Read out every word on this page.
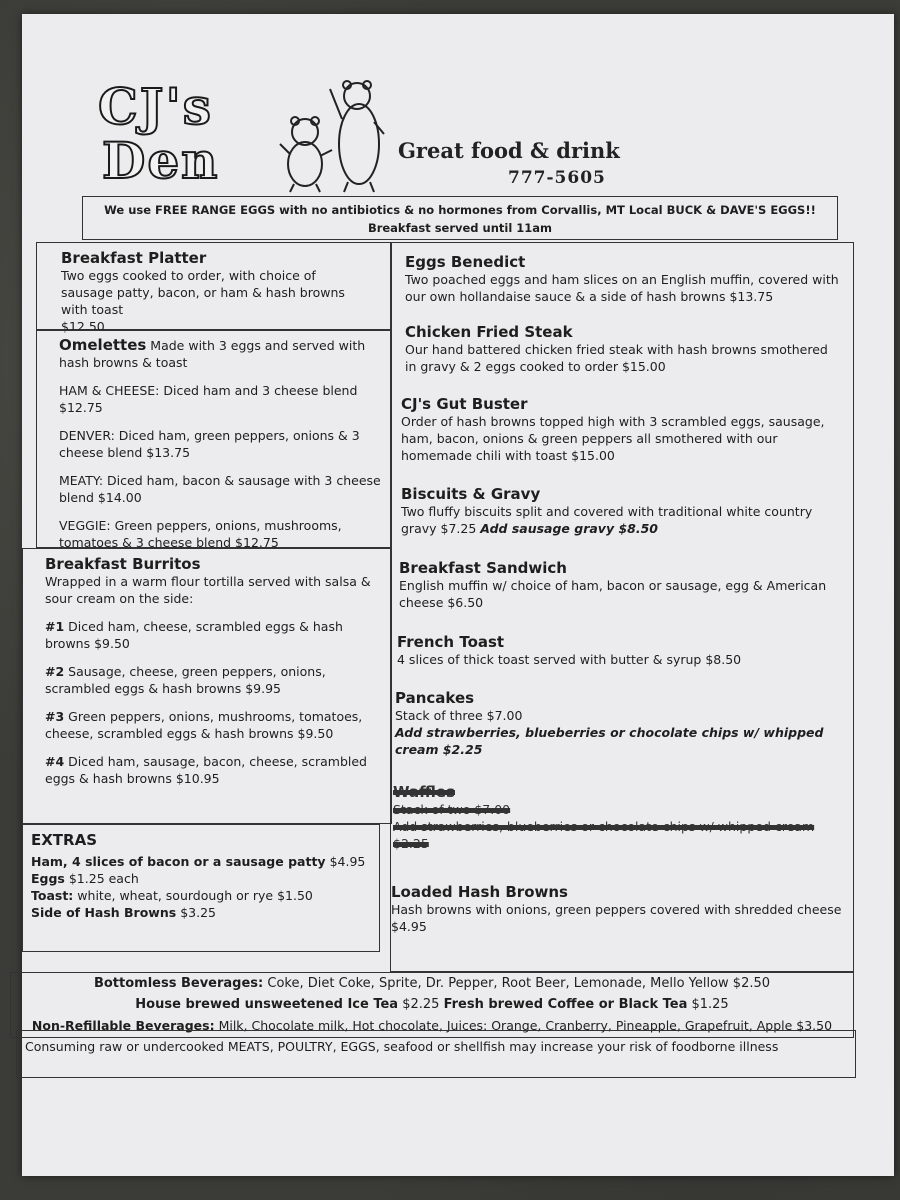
CJ's
Den	Great food & drink
777-5605
We use FREE RANGE EGGS with no antibiotics & no hormones from Corvallis, MT Local BUCK & DAVE'S EGGS!!
Breakfast served until 11am

Breakfast Platter

Two eggs cooked to order, with choice of sausage patty, bacon, or ham & hash browns with toast

$12.50

Omelettes Made with 3 eggs and served with hash browns & toast

HAM & CHEESE: Diced ham and 3 cheese blend $12.75

DENVER: Diced ham, green peppers, onions & 3 cheese blend $13.75

MEATY: Diced ham, bacon & sausage with 3 cheese blend $14.00

VEGGIE: Green peppers, onions, mushrooms, tomatoes & 3 cheese blend $12.75

Breakfast Burritos

Wrapped in a warm flour tortilla served with salsa & sour cream on the side:

#1 Diced ham, cheese, scrambled eggs & hash browns $9.50

#2 Sausage, cheese, green peppers, onions, scrambled eggs & hash browns $9.95

#3 Green peppers, onions, mushrooms, tomatoes, cheese, scrambled eggs & hash browns $9.50

#4 Diced ham, sausage, bacon, cheese, scrambled eggs & hash browns $10.95

EXTRAS

Ham, 4 slices of bacon or a sausage patty $4.95

Eggs $1.25 each

Toast: white, wheat, sourdough or rye $1.50

Side of Hash Browns $3.25

Eggs Benedict

Two poached eggs and ham slices on an English muffin, covered with our own hollandaise sauce & a side of hash browns $13.75

Chicken Fried Steak

Our hand battered chicken fried steak with hash browns smothered in gravy & 2 eggs cooked to order $15.00

CJ's Gut Buster

Order of hash browns topped high with 3 scrambled eggs, sausage, ham, bacon, onions & green peppers all smothered with our homemade chili with toast $15.00

Biscuits & Gravy

Two fluffy biscuits split and covered with traditional white country gravy $7.25 Add sausage gravy $8.50

Breakfast Sandwich

English muffin w/ choice of ham, bacon or sausage, egg & American cheese $6.50

French Toast

4 slices of thick toast served with butter & syrup $8.50

Pancakes

Stack of three $7.00

Add strawberries, blueberries or chocolate chips w/ whipped cream $2.25

Waffles

Stack of two $7.00

Add strawberries, blueberries or chocolate chips w/ whipped cream $2.25

Loaded Hash Browns

Hash browns with onions, green peppers covered with shredded cheese $4.95

Bottomless Beverages: Coke, Diet Coke, Sprite, Dr. Pepper, Root Beer, Lemonade, Mello Yellow $2.50
House brewed unsweetened Ice Tea $2.25 Fresh brewed Coffee or Black Tea $1.25
Non-Refillable Beverages: Milk, Chocolate milk, Hot chocolate, Juices: Orange, Cranberry, Pineapple, Grapefruit, Apple $3.50
Consuming raw or undercooked MEATS, POULTRY, EGGS, seafood or shellfish may increase your risk of foodborne illness
